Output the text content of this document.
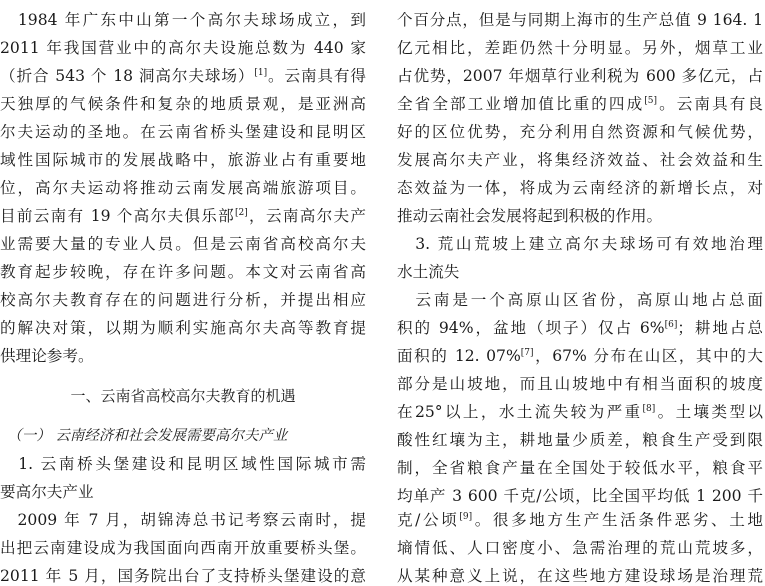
　1984 年广东中山第一个高尔夫球场成立，到
2011 年我国营业中的高尔夫设施总数为 440 家
（折合 543 个 18 洞高尔夫球场）[1]。云南具有得
天独厚的气候条件和复杂的地质景观，是亚洲高
尔夫运动的圣地。在云南省桥头堡建设和昆明区
域性国际城市的发展战略中，旅游业占有重要地
位，高尔夫运动将推动云南发展高端旅游项目。
目前云南有 19 个高尔夫俱乐部[2]，云南高尔夫产
业需要大量的专业人员。但是云南省高校高尔夫
教育起步较晚，存在许多问题。本文对云南省高
校高尔夫教育存在的问题进行分析，并提出相应
的解决对策，以期为顺利实施高尔夫高等教育提
供理论参考。
一、云南省高校高尔夫教育的机遇
　（一） 云南经济和社会发展需要高尔夫产业
　1. 云南桥头堡建设和昆明区域性国际城市需
要高尔夫产业
　2009 年 7 月，胡锦涛总书记考察云南时，提
出把云南建设成为我国面向西南开放重要桥头堡。
2011 年 5 月，国务院出台了支持桥头堡建设的意
个百分点，但是与同期上海市的生产总值 9 164. 1
亿元相比，差距仍然十分明显。另外，烟草工业
占优势，2007 年烟草行业利税为 600 多亿元，占
全省全部工业增加值比重的四成[5]。云南具有良
好的区位优势，充分利用自然资源和气候优势，
发展高尔夫产业，将集经济效益、社会效益和生
态效益为一体，将成为云南经济的新增长点，对
推动云南社会发展将起到积极的作用。
　3. 荒山荒坡上建立高尔夫球场可有效地治理
水土流失
　云南是一个高原山区省份，高原山地占总面
积的 94%，盆地（坝子）仅占 6%[6]；耕地占总
面积的 12. 07%[7]，67% 分布在山区，其中的大
部分是山坡地，而且山坡地中有相当面积的坡度
在25°以上，水土流失较为严重[8]。土壤类型以
酸性红壤为主，耕地量少质差，粮食生产受到限
制，全省粮食产量在全国处于较低水平，粮食平
均单产 3 600 千克/公顷，比全国平均低 1 200 千
克/公顷[9]。很多地方生产生活条件恶劣、土地
墒情低、人口密度小、急需治理的荒山荒坡多，
从某种意义上说，在这些地方建设球场是治理荒
